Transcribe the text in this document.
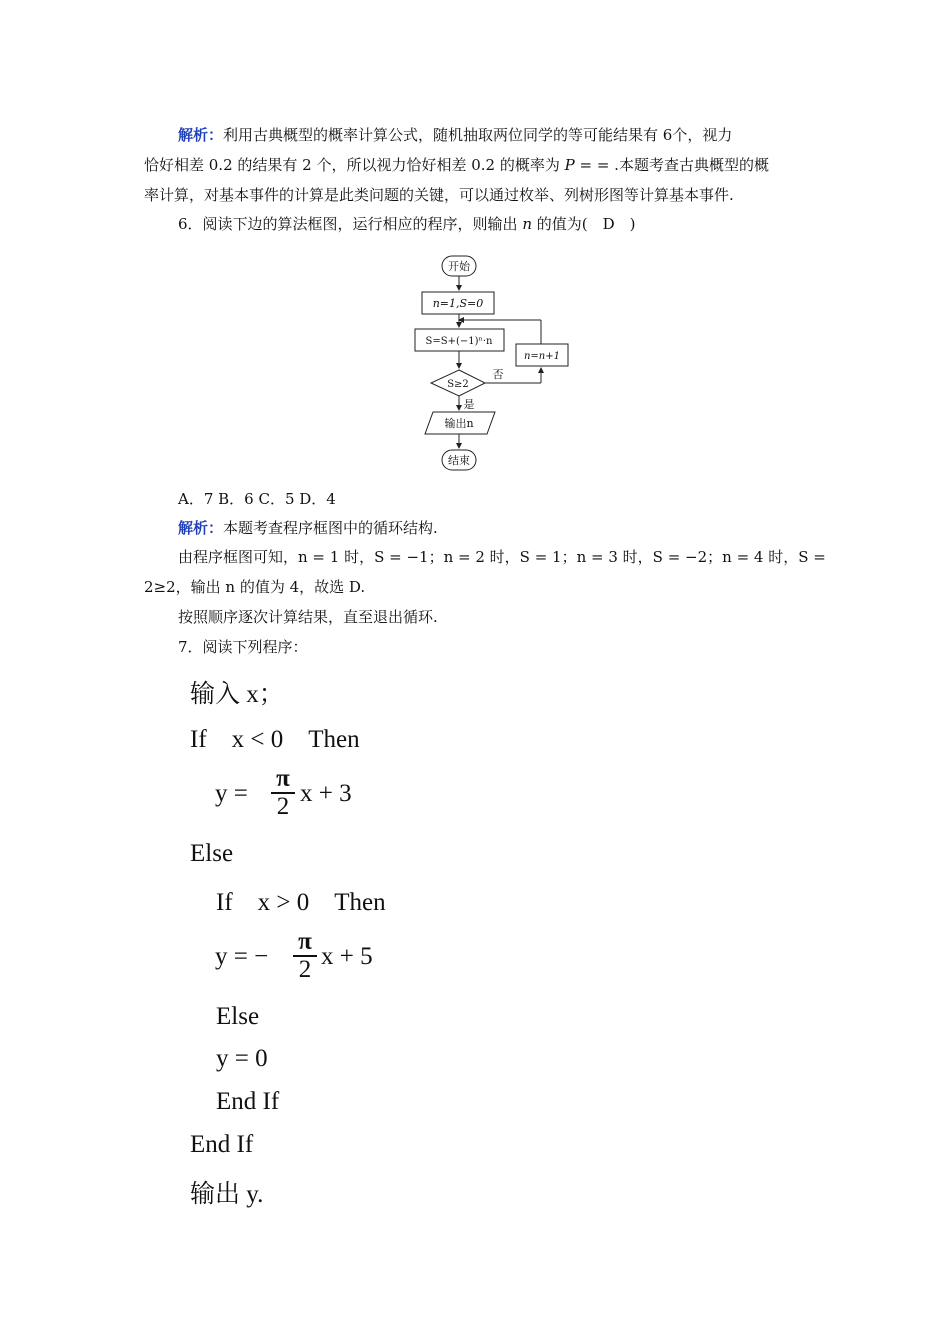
解析：利用古典概型的概率计算公式，随机抽取两位同学的等可能结果有 6个，视力
恰好相差 0.2 的结果有 2 个，所以视力恰好相差 0.2 的概率为 P = = .本题考查古典概型的概
率计算，对基本事件的计算是此类问题的关键，可以通过枚举、列树形图等计算基本事件.
6．阅读下边的算法框图，运行相应的程序，则输出 n 的值为(　D　)
开始
n=1,S=0
S=S+(−1)ⁿ·n
S≥2
否
是
n=n+1
输出n
结束
A．7 B．6 C．5 D．4
解析：本题考查程序框图中的循环结构.
由程序框图可知，n = 1 时，S = −1；n = 2 时，S = 1；n = 3 时，S = −2；n = 4 时，S =
2≥2，输出 n 的值为 4，故选 D.
按照顺序逐次计算结果，直至退出循环.
7．阅读下列程序：
输入 x；
If　x < 0　Then
y =
π
2 x + 3
Else
If　x > 0　Then
y = −
π
2 x + 5
Else
y = 0
End If
End If
输出 y.
